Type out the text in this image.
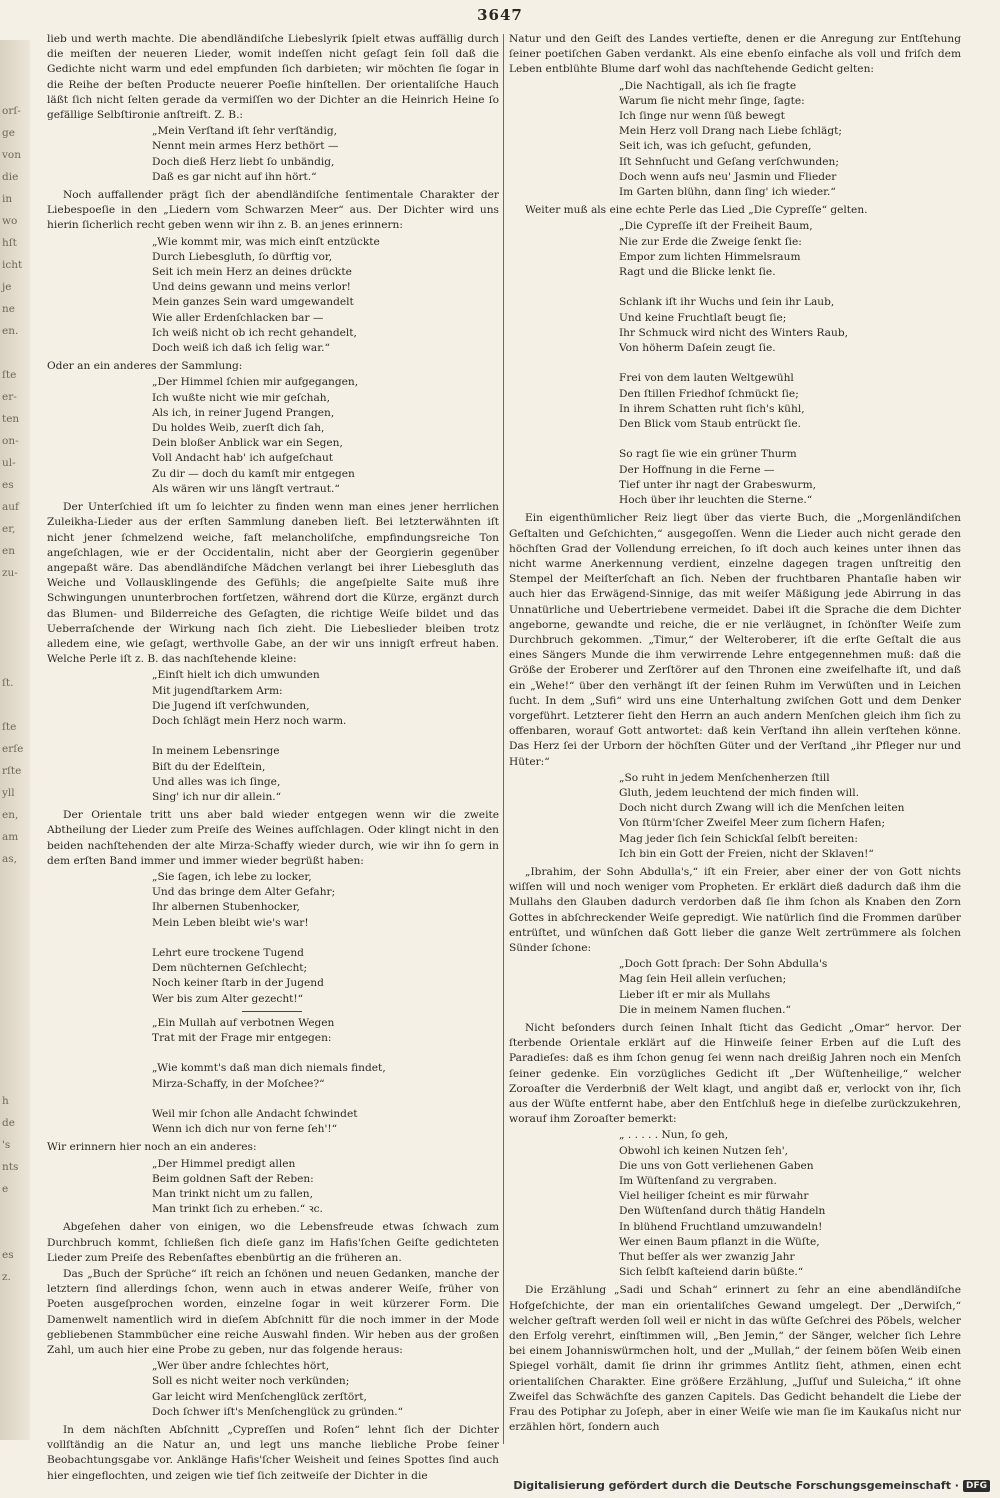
3647
orſ-
ge
von
die
in
wo
hſt
icht
je
ne
en.

ſte
er-
ten
on-
ul-
es
auf
er,
en
zu-

ſt.

ſte
erſe
rſte
yll
en,
am
as,

h
de
's
nts
e

es
z.

lieb und werth machte. Die abendländiſche Liebeslyrik ſpielt etwas auffällig durch die meiſten der neueren Lieder, womit indeſſen nicht geſagt ſein ſoll daß die Gedichte nicht warm und edel empfunden ſich darbieten; wir möchten ſie ſogar in die Reihe der beſten Producte neuerer Poeſie hinſtellen. Der orientaliſche Hauch läßt ſich nicht ſelten gerade da vermiſſen wo der Dichter an die Heinrich Heine ſo gefällige Selbſtironie anſtreift. Z. B.:

„Mein Verſtand iſt ſehr verſtändig,
Nennt mein armes Herz bethört —
Doch dieß Herz liebt ſo unbändig,
Daß es gar nicht auf ihn hört.“

Noch auffallender prägt ſich der abendländiſche ſentimentale Charakter der Liebespoeſie in den „Liedern vom Schwarzen Meer“ aus. Der Dichter wird uns hierin ſicherlich recht geben wenn wir ihn z. B. an jenes erinnern:

„Wie kommt mir, was mich einſt entzückte
Durch Liebesgluth, ſo dürftig vor,
Seit ich mein Herz an deines drückte
Und deins gewann und meins verlor!
Mein ganzes Sein ward umgewandelt
Wie aller Erdenſchlacken bar —
Ich weiß nicht ob ich recht gehandelt,
Doch weiß ich daß ich ſelig war.“

Oder an ein anderes der Sammlung:

„Der Himmel ſchien mir aufgegangen,
Ich wußte nicht wie mir geſchah,
Als ich, in reiner Jugend Prangen,
Du holdes Weib, zuerſt dich ſah,
Dein bloßer Anblick war ein Segen,
Voll Andacht hab' ich aufgeſchaut
Zu dir — doch du kamſt mir entgegen
Als wären wir uns längſt vertraut.“

Der Unterſchied iſt um ſo leichter zu finden wenn man eines jener herrlichen Zuleikha-Lieder aus der erſten Sammlung daneben lieſt. Bei letzterwähnten iſt nicht jener ſchmelzend weiche, faſt melancholiſche, empfindungsreiche Ton angeſchlagen, wie er der Occidentalin, nicht aber der Georgierin gegenüber angepaßt wäre. Das abendländiſche Mädchen verlangt bei ihrer Liebesgluth das Weiche und Vollausklingende des Gefühls; die angeſpielte Saite muß ihre Schwingungen ununterbrochen fortſetzen, während dort die Kürze, ergänzt durch das Blumen- und Bilderreiche des Geſagten, die richtige Weiſe bildet und das Ueberraſchende der Wirkung nach ſich zieht. Die Liebeslieder bleiben trotz alledem eine, wie geſagt, werthvolle Gabe, an der wir uns innigſt erfreut haben. Welche Perle iſt z. B. das nachſtehende kleine:

„Einſt hielt ich dich umwunden
Mit jugendſtarkem Arm:
Die Jugend iſt verſchwunden,
Doch ſchlägt mein Herz noch warm.

In meinem Lebensringe
Biſt du der Edelſtein,
Und alles was ich ſinge,
Sing' ich nur dir allein.“

Der Orientale tritt uns aber bald wieder entgegen wenn wir die zweite Abtheilung der Lieder zum Preiſe des Weines aufſchlagen. Oder klingt nicht in den beiden nachſtehenden der alte Mirza-Schaffy wieder durch, wie wir ihn ſo gern in dem erſten Band immer und immer wieder begrüßt haben:

„Sie ſagen, ich lebe zu locker,
Und das bringe dem Alter Gefahr;
Ihr albernen Stubenhocker,
Mein Leben bleibt wie's war!

Lehrt eure trockene Tugend
Dem nüchternen Geſchlecht;
Noch keiner ſtarb in der Jugend
Wer bis zum Alter gezecht!“
„Ein Mullah auf verbotnen Wegen
Trat mit der Frage mir entgegen:

„Wie kommt's daß man dich niemals findet,
Mirza-Schaffy, in der Moſchee?“

Weil mir ſchon alle Andacht ſchwindet
Wenn ich dich nur von ferne ſeh'!“

Wir erinnern hier noch an ein anderes:

„Der Himmel predigt allen
Beim goldnen Saft der Reben:
Man trinkt nicht um zu fallen,
Man trinkt ſich zu erheben.“ ꝛc.

Abgeſehen daher von einigen, wo die Lebensfreude etwas ſchwach zum Durchbruch kommt, ſchließen ſich dieſe ganz im Hafis'ſchen Geiſte gedichteten Lieder zum Preiſe des Rebenſaftes ebenbürtig an die früheren an.

Das „Buch der Sprüche“ iſt reich an ſchönen und neuen Gedanken, manche der letztern ſind allerdings ſchon, wenn auch in etwas anderer Weiſe, früher von Poeten ausgeſprochen worden, einzelne ſogar in weit kürzerer Form. Die Damenwelt namentlich wird in dieſem Abſchnitt für die noch immer in der Mode gebliebenen Stammbücher eine reiche Auswahl finden. Wir heben aus der großen Zahl, um auch hier eine Probe zu geben, nur das folgende heraus:

„Wer über andre ſchlechtes hört,
Soll es nicht weiter noch verkünden;
Gar leicht wird Menſchenglück zerſtört,
Doch ſchwer iſt's Menſchenglück zu gründen.“

In dem nächſten Abſchnitt „Cypreſſen und Roſen“ lehnt ſich der Dichter vollſtändig an die Natur an, und legt uns manche liebliche Probe ſeiner Beobachtungsgabe vor. Anklänge Hafis'ſcher Weisheit und ſeines Spottes ſind auch hier eingeflochten, und zeigen wie tief ſich zeitweiſe der Dichter in die

Natur und den Geiſt des Landes vertiefte, denen er die Anregung zur Entſtehung ſeiner poetiſchen Gaben verdankt. Als eine ebenſo einfache als voll und friſch dem Leben entblühte Blume darf wohl das nachſtehende Gedicht gelten:

„Die Nachtigall, als ich ſie fragte
Warum ſie nicht mehr ſinge, ſagte:
Ich ſinge nur wenn ſüß bewegt
Mein Herz voll Drang nach Liebe ſchlägt;
Seit ich, was ich geſucht, gefunden,
Iſt Sehnſucht und Geſang verſchwunden;
Doch wenn aufs neu' Jasmin und Flieder
Im Garten blühn, dann ſing' ich wieder.“

Weiter muß als eine echte Perle das Lied „Die Cypreſſe“ gelten.

„Die Cypreſſe iſt der Freiheit Baum,
Nie zur Erde die Zweige ſenkt ſie:
Empor zum lichten Himmelsraum
Ragt und die Blicke lenkt ſie.

Schlank iſt ihr Wuchs und ſein ihr Laub,
Und keine Fruchtlaſt beugt ſie;
Ihr Schmuck wird nicht des Winters Raub,
Von höherm Daſein zeugt ſie.

Frei von dem lauten Weltgewühl
Den ſtillen Friedhof ſchmückt ſie;
In ihrem Schatten ruht ſich's kühl,
Den Blick vom Staub entrückt ſie.

So ragt ſie wie ein grüner Thurm
Der Hoffnung in die Ferne —
Tief unter ihr nagt der Grabeswurm,
Hoch über ihr leuchten die Sterne.“

Ein eigenthümlicher Reiz liegt über das vierte Buch, die „Morgenländiſchen Geſtalten und Geſchichten,“ ausgegoſſen. Wenn die Lieder auch nicht gerade den höchſten Grad der Vollendung erreichen, ſo iſt doch auch keines unter ihnen das nicht warme Anerkennung verdient, einzelne dagegen tragen unſtreitig den Stempel der Meiſterſchaft an ſich. Neben der fruchtbaren Phantaſie haben wir auch hier das Erwägend-Sinnige, das mit weiſer Mäßigung jede Abirrung in das Unnatürliche und Uebertriebene vermeidet. Dabei iſt die Sprache die dem Dichter angeborne, gewandte und reiche, die er nie verläugnet, in ſchönſter Weiſe zum Durchbruch gekommen. „Timur,“ der Welteroberer, iſt die erſte Geſtalt die aus eines Sängers Munde die ihm verwirrende Lehre entgegennehmen muß: daß die Größe der Eroberer und Zerſtörer auf den Thronen eine zweifelhafte iſt, und daß ein „Wehe!“ über den verhängt iſt der ſeinen Ruhm im Verwüſten und in Leichen ſucht. In dem „Sufi“ wird uns eine Unterhaltung zwiſchen Gott und dem Denker vorgeführt. Letzterer ſieht den Herrn an auch andern Menſchen gleich ihm ſich zu offenbaren, worauf Gott antwortet: daß kein Verſtand ihn allein verſtehen könne. Das Herz ſei der Urborn der höchſten Güter und der Verſtand „ihr Pfleger nur und Hüter:“

„So ruht in jedem Menſchenherzen ſtill
Gluth, jedem leuchtend der mich finden will.
Doch nicht durch Zwang will ich die Menſchen leiten
Von ſtürm'ſcher Zweifel Meer zum ſichern Hafen;
Mag jeder ſich ſein Schickſal ſelbſt bereiten:
Ich bin ein Gott der Freien, nicht der Sklaven!“

„Ibrahim, der Sohn Abdulla's,“ iſt ein Freier, aber einer der von Gott nichts wiſſen will und noch weniger vom Propheten. Er erklärt dieß dadurch daß ihm die Mullahs den Glauben dadurch verdorben daß ſie ihm ſchon als Knaben den Zorn Gottes in abſchreckender Weiſe gepredigt. Wie natürlich ſind die Frommen darüber entrüſtet, und wünſchen daß Gott lieber die ganze Welt zertrümmere als ſolchen Sünder ſchone:

„Doch Gott ſprach: Der Sohn Abdulla's
Mag ſein Heil allein verſuchen;
Lieber iſt er mir als Mullahs
Die in meinem Namen fluchen.“

Nicht beſonders durch ſeinen Inhalt ſticht das Gedicht „Omar“ hervor. Der ſterbende Orientale erklärt auf die Hinweiſe ſeiner Erben auf die Luſt des Paradieſes: daß es ihm ſchon genug ſei wenn nach dreißig Jahren noch ein Menſch ſeiner gedenke. Ein vorzügliches Gedicht iſt „Der Wüſtenheilige,“ welcher Zoroaſter die Verderbniß der Welt klagt, und angibt daß er, verlockt von ihr, ſich aus der Wüſte entfernt habe, aber den Entſchluß hege in dieſelbe zurückzukehren, worauf ihm Zoroaſter bemerkt:

„ . . . . . Nun, ſo geh,
Obwohl ich keinen Nutzen ſeh',
Die uns von Gott verliehenen Gaben
Im Wüſtenſand zu vergraben.
Viel heiliger ſcheint es mir fürwahr
Den Wüſtenſand durch thätig Handeln
In blühend Fruchtland umzuwandeln!
Wer einen Baum pflanzt in die Wüſte,
Thut beſſer als wer zwanzig Jahr
Sich ſelbſt kaſteiend darin büßte.“

Die Erzählung „Sadi und Schah“ erinnert zu ſehr an eine abendländiſche Hofgeſchichte, der man ein orientaliſches Gewand umgelegt. Der „Derwiſch,“ welcher geſtraft werden ſoll weil er nicht in das wüſte Geſchrei des Pöbels, welcher den Erfolg verehrt, einſtimmen will, „Ben Jemin,“ der Sänger, welcher ſich Lehre bei einem Johanniswürmchen holt, und der „Mullah,“ der ſeinem böſen Weib einen Spiegel vorhält, damit ſie drinn ihr grimmes Antlitz ſieht, athmen, einen echt orientaliſchen Charakter. Eine größere Erzählung, „Juſſuf und Suleicha,“ iſt ohne Zweifel das Schwächſte des ganzen Capitels. Das Gedicht behandelt die Liebe der Frau des Potiphar zu Joſeph, aber in einer Weiſe wie man ſie im Kaukaſus nicht nur erzählen hört, ſondern auch

Digitalisierung gefördert durch die Deutsche Forschungsgemeinschaft · DFG
